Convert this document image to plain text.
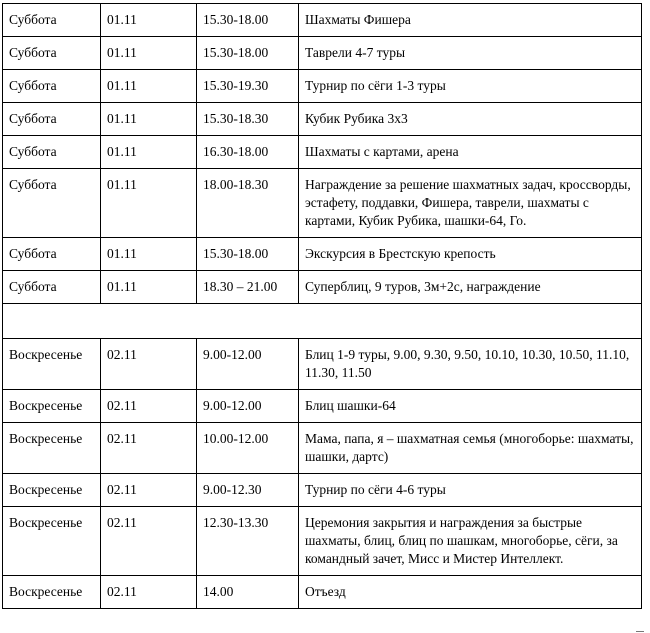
Суббота	01.11	15.30-18.00	Шахматы Фишера
Суббота	01.11	15.30-18.00	Таврели 4-7 туры
Суббота	01.11	15.30-19.30	Турнир по сёги 1-3 туры
Суббота	01.11	15.30-18.30	Кубик Рубика 3x3
Суббота	01.11	16.30-18.00	Шахматы с картами, арена
Суббота	01.11	18.00-18.30	Награждение за решение шахматных задач, кроссворды, эстафету, поддавки, Фишера, таврели, шахматы с картами, Кубик Рубика, шашки-64, Го.
Суббота	01.11	15.30-18.00	Экскурсия в Брестскую крепость
Суббота	01.11	18.30 – 21.00	Суперблиц, 9 туров, 3м+2с, награждение

Воскресенье	02.11	9.00-12.00	Блиц 1-9 туры, 9.00, 9.30, 9.50, 10.10, 10.30, 10.50, 11.10, 11.30, 11.50
Воскресенье	02.11	9.00-12.00	Блиц шашки-64
Воскресенье	02.11	10.00-12.00	Мама, папа, я – шахматная семья (многоборье: шахматы, шашки, дартс)
Воскресенье	02.11	9.00-12.30	Турнир по сёги 4-6 туры
Воскресенье	02.11	12.30-13.30	Церемония закрытия и награждения за быстрые шахматы, блиц, блиц по шашкам, многоборье, сёги, за командный зачет, Мисс и Мистер Интеллект.
Воскресенье	02.11	14.00	Отъезд
